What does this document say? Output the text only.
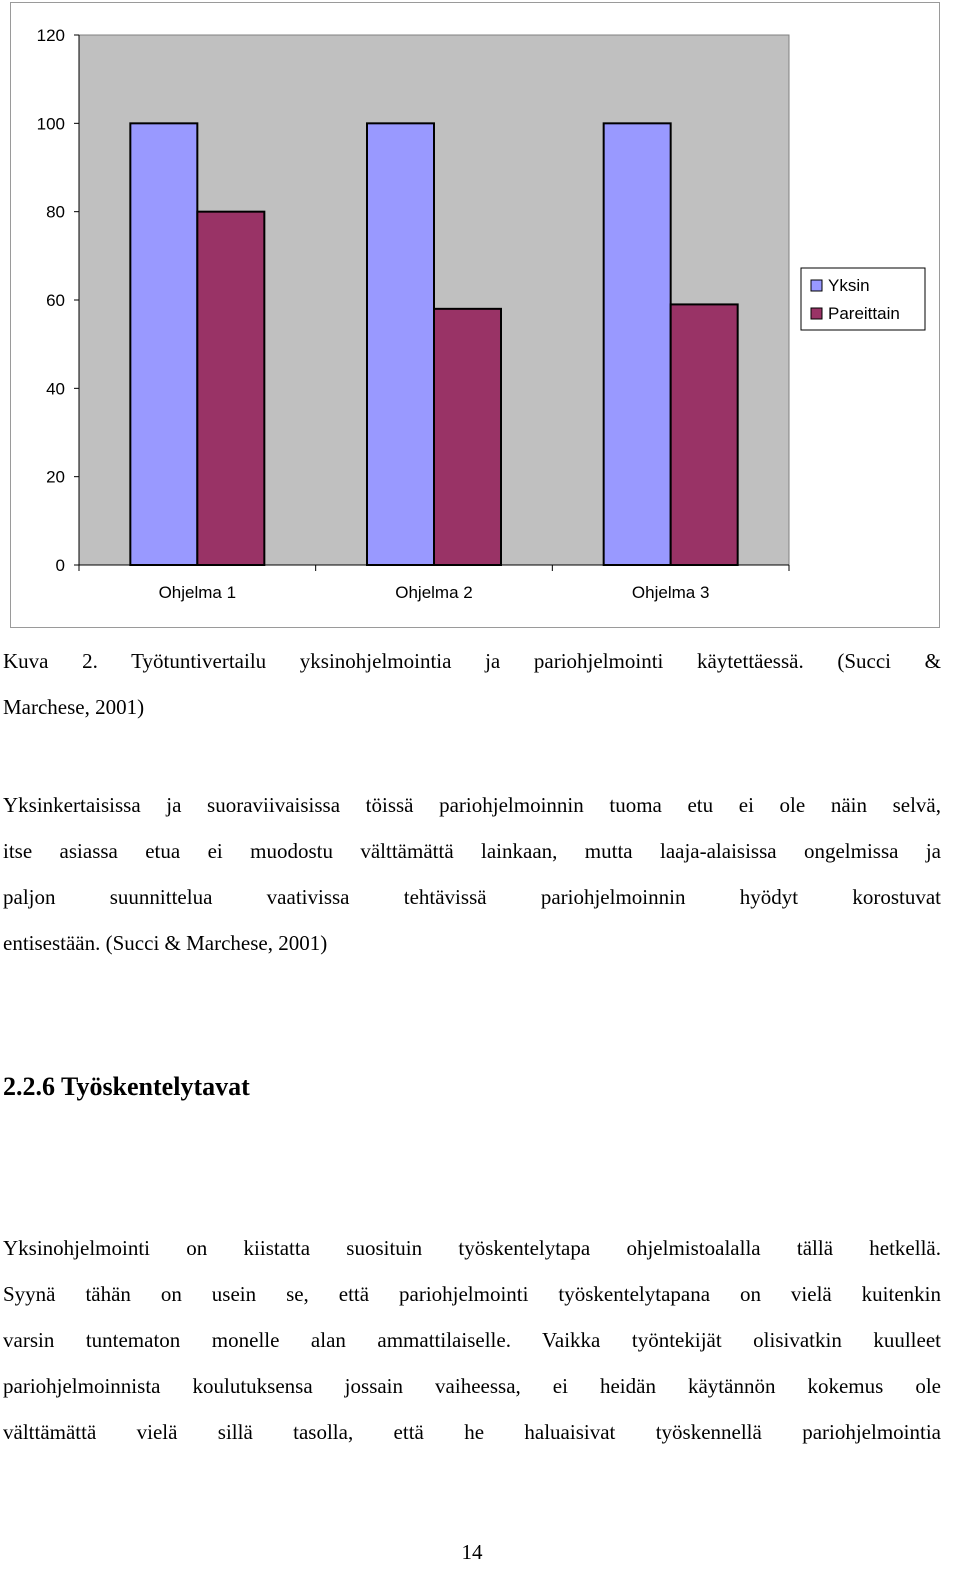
0
20
40
60
80
100
120
Ohjelma 1	Ohjelma 2	Ohjelma 3
Yksin
Pareittain
Kuva 2. Työtuntivertailu yksinohjelmointia ja pariohjelmointi käytettäessä. (Succi &
Marchese, 2001)
Yksinkertaisissa ja suoraviivaisissa töissä pariohjelmoinnin tuoma etu ei ole näin selvä,
itse asiassa etua ei muodostu välttämättä lainkaan, mutta laaja-alaisissa ongelmissa ja
paljon suunnittelua vaativissa tehtävissä pariohjelmoinnin hyödyt korostuvat
entisestään. (Succi & Marchese, 2001)
2.2.6 Työskentelytavat
Yksinohjelmointi on kiistatta suosituin työskentelytapa ohjelmistoalalla tällä hetkellä.
Syynä tähän on usein se, että pariohjelmointi työskentelytapana on vielä kuitenkin
varsin tuntematon monelle alan ammattilaiselle. Vaikka työntekijät olisivatkin kuulleet
pariohjelmoinnista koulutuksensa jossain vaiheessa, ei heidän käytännön kokemus ole
välttämättä vielä sillä tasolla, että he haluaisivat työskennellä pariohjelmointia
14
